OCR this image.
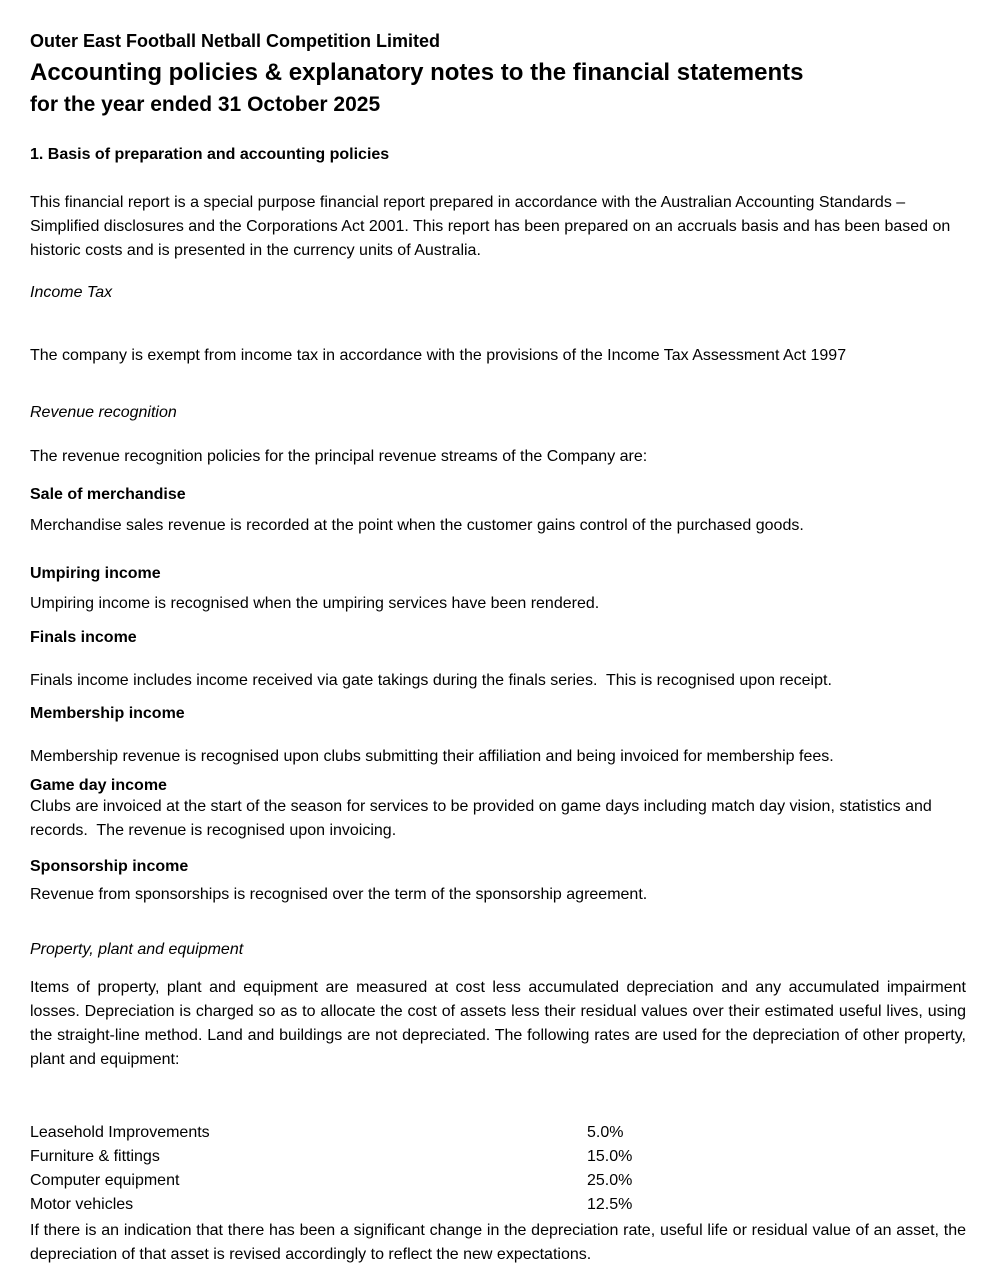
Outer East Football Netball Competition Limited
Accounting policies & explanatory notes to the financial statements
for the year ended 31 October 2025
1. Basis of preparation and accounting policies
This financial report is a special purpose financial report prepared in accordance with the Australian Accounting Standards – Simplified disclosures and the Corporations Act 2001. This report has been prepared on an accruals basis and has been based on historic costs and is presented in the currency units of Australia.
Income Tax
The company is exempt from income tax in accordance with the provisions of the Income Tax Assessment Act 1997
Revenue recognition
The revenue recognition policies for the principal revenue streams of the Company are:
Sale of merchandise
Merchandise sales revenue is recorded at the point when the customer gains control of the purchased goods.
Umpiring income
Umpiring income is recognised when the umpiring services have been rendered.
Finals income
Finals income includes income received via gate takings during the finals series.  This is recognised upon receipt.
Membership income
Membership revenue is recognised upon clubs submitting their affiliation and being invoiced for membership fees.
Game day income
Clubs are invoiced at the start of the season for services to be provided on game days including match day vision, statistics and records.  The revenue is recognised upon invoicing.
Sponsorship income
Revenue from sponsorships is recognised over the term of the sponsorship agreement.
Property, plant and equipment
Items of property, plant and equipment are measured at cost less accumulated depreciation and any accumulated impairment losses. Depreciation is charged so as to allocate the cost of assets less their residual values over their estimated useful lives, using the straight-line method. Land and buildings are not depreciated. The following rates are used for the depreciation of other property, plant and equipment:
Leasehold Improvements	5.0%
Furniture & fittings	15.0%
Computer equipment	25.0%
Motor vehicles	12.5%
If there is an indication that there has been a significant change in the depreciation rate, useful life or residual value of an asset, the depreciation of that asset is revised accordingly to reflect the new expectations.
